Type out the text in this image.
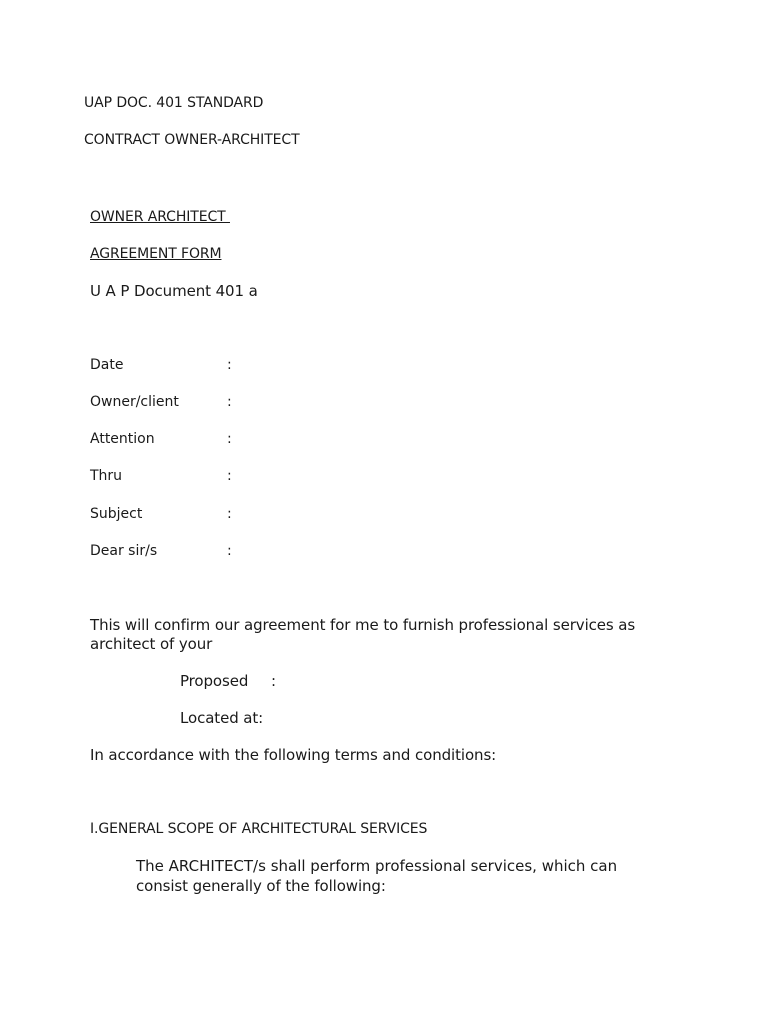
UAP DOC. 401 STANDARD
CONTRACT OWNER-ARCHITECT
OWNER ARCHITECT
AGREEMENT FORM
U A P Document 401 a
Date	:
Owner/client	:
Attention	:
Thru	:
Subject	:
Dear sir/s	:
This will confirm our agreement for me to furnish professional services as
architect of your
Proposed :
Located at:
In accordance with the following terms and conditions:
I.GENERAL SCOPE OF ARCHITECTURAL SERVICES
The ARCHITECT/s shall perform professional services, which can
consist generally of the following:
